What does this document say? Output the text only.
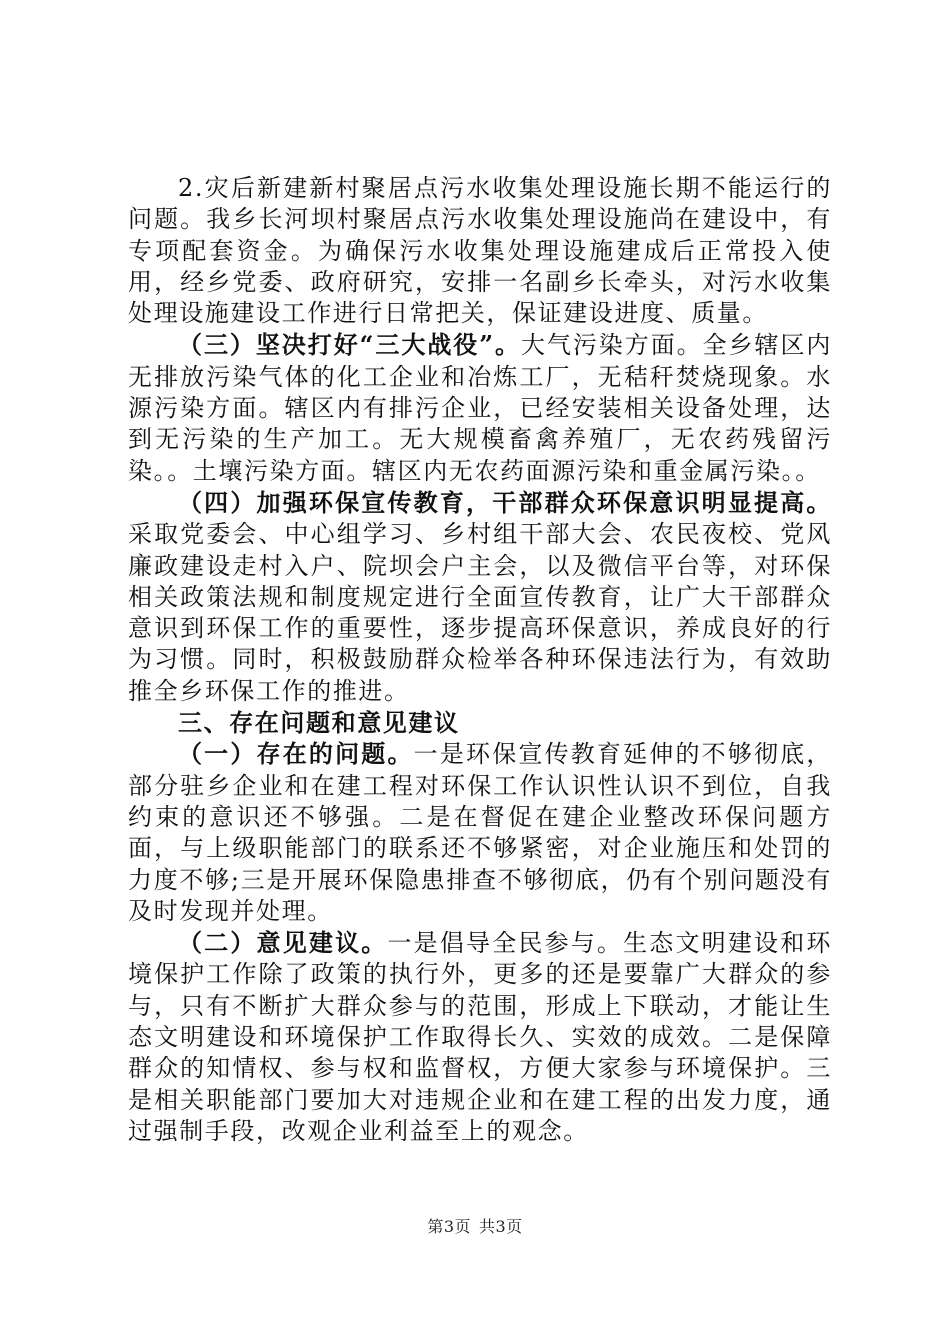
2.灾后新建新村聚居点污水收集处理设施长期不能运行的问题。我乡长河坝村聚居点污水收集处理设施尚在建设中，有专项配套资金。为确保污水收集处理设施建成后正常投入使用，经乡党委、政府研究，安排一名副乡长牵头，对污水收集处理设施建设工作进行日常把关，保证建设进度、质量。

（三）坚决打好“三大战役”。大气污染方面。全乡辖区内无排放污染气体的化工企业和冶炼工厂，无秸秆焚烧现象。水源污染方面。辖区内有排污企业，已经安装相关设备处理，达到无污染的生产加工。无大规模畜禽养殖厂，无农药残留污染。。土壤污染方面。辖区内无农药面源污染和重金属污染。。

（四）加强环保宣传教育，干部群众环保意识明显提高。采取党委会、中心组学习、乡村组干部大会、农民夜校、党风廉政建设走村入户、院坝会户主会，以及微信平台等，对环保相关政策法规和制度规定进行全面宣传教育，让广大干部群众意识到环保工作的重要性，逐步提高环保意识，养成良好的行为习惯。同时，积极鼓励群众检举各种环保违法行为，有效助推全乡环保工作的推进。

三、存在问题和意见建议

（一）存在的问题。一是环保宣传教育延伸的不够彻底，部分驻乡企业和在建工程对环保工作认识性认识不到位，自我约束的意识还不够强。二是在督促在建企业整改环保问题方面，与上级职能部门的联系还不够紧密，对企业施压和处罚的力度不够;三是开展环保隐患排查不够彻底，仍有个别问题没有及时发现并处理。

（二）意见建议。一是倡导全民参与。生态文明建设和环境保护工作除了政策的执行外，更多的还是要靠广大群众的参与，只有不断扩大群众参与的范围，形成上下联动，才能让生态文明建设和环境保护工作取得长久、实效的成效。二是保障群众的知情权、参与权和监督权，方便大家参与环境保护。三是相关职能部门要加大对违规企业和在建工程的出发力度，通过强制手段，改观企业利益至上的观念。

第3页 共3页
